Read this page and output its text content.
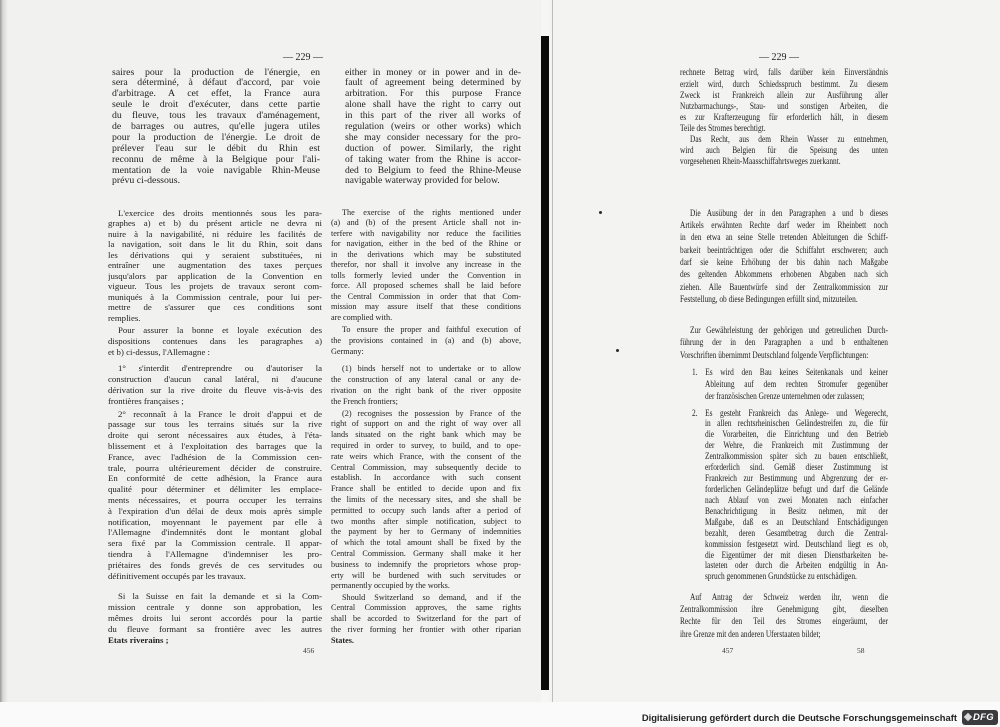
— 229 —	— 229 —
saires pour la production de l'énergie, en
sera déterminé, à défaut d'accord, par voie
d'arbitrage. A cet effet, la France aura
seule le droit d'exécuter, dans cette partie
du fleuve, tous les travaux d'aménagement,
de barrages ou autres, qu'elle jugera utiles
pour la production de l'énergie. Le droit de
prélever l'eau sur le débit du Rhin est
reconnu de même à la Belgique pour l'ali-
mentation de la voie navigable Rhin-Meuse
prévu ci-dessous.
either in money or in power and in de-
fault of agreement being determined by
arbitration. For this purpose France
alone shall have the right to carry out
in this part of the river all works of
regulation (weirs or other works) which
she may consider necessary for the pro-
duction of power. Similarly, the right
of taking water from the Rhine is accor-
ded to Belgium to feed the Rhine-Meuse
navigable waterway provided for below.
L'exercice des droits mentionnés sous les para-
graphes a) et b) du présent article ne devra ni
nuire à la navigabilité, ni réduire les facilités de
la navigation, soit dans le lit du Rhin, soit dans
les dérivations qui y seraient substituées, ni
entraîner une augmentation des taxes perçues
jusqu'alors par application de la Convention en
vigueur. Tous les projets de travaux seront com-
muniqués à la Commission centrale, pour lui per-
mettre de s'assurer que ces conditions sont
remplies.
Pour assurer la bonne et loyale exécution des
dispositions contenues dans les paragraphes a)
et b) ci-dessus, l'Allemagne :
1° s'interdit d'entreprendre ou d'autoriser la
construction d'aucun canal latéral, ni d'aucune
dérivation sur la rive droite du fleuve vis-à-vis des
frontières françaises ;
2° reconnaît à la France le droit d'appui et de
passage sur tous les terrains situés sur la rive
droite qui seront nécessaires aux études, à l'éta-
blissement et à l'exploitation des barrages que la
France, avec l'adhésion de la Commission cen-
trale, pourra ultérieurement décider de construire.
En conformité de cette adhésion, la France aura
qualité pour déterminer et délimiter les emplace-
ments nécessaires, et pourra occuper les terrains
à l'expiration d'un délai de deux mois après simple
notification, moyennant le payement par elle à
l'Allemagne d'indemnités dont le montant global
sera fixé par la Commission centrale. Il appar-
tiendra à l'Allemagne d'indemniser les pro-
priétaires des fonds grevés de ces servitudes ou
définitivement occupés par les travaux.
Si la Suisse en fait la demande et si la Com-
mission centrale y donne son approbation, les
mêmes droits lui seront accordés pour la partie
du fleuve formant sa frontière avec les autres
Etats riverains ;
The exercise of the rights mentioned under
(a) and (b) of the present Article shall not in-
terfere with navigability nor reduce the facilities
for navigation, either in the bed of the Rhine or
in the derivations which may be substituted
therefor, nor shall it involve any increase in the
tolls formerly levied under the Convention in
force. All proposed schemes shall be laid before
the Central Commission in order that that Com-
mission may assure itself that these conditions
are complied with.
To ensure the proper and faithful execution of
the provisions contained in (a) and (b) above,
Germany:
(1) binds herself not to undertake or to allow
the construction of any lateral canal or any de-
rivation on the right bank of the river opposite
the French frontiers;
(2) recognises the possession by France of the
right of support on and the right of way over all
lands situated on the right bank which may be
required in order to survey, to build, and to ope-
rate weirs which France, with the consent of the
Central Commission, may subsequently decide to
establish. In accordance with such consent
France shall be entitled to decide upon and fix
the limits of the necessary sites, and she shall be
permitted to occupy such lands after a period of
two months after simple notification, subject to
the payment by her to Germany of indemnities
of which the total amount shall be fixed by the
Central Commission. Germany shall make it her
business to indemnify the proprietors whose prop-
erty will be burdened with such servitudes or
permanently occupied by the works.
Should Switzerland so demand, and if the
Central Commission approves, the same rights
shall be accorded to Switzerland for the part of
the river forming her frontier with other riparian
States.
rechnete Betrag wird, falls darüber kein Einverständnis
erzielt wird, durch Schiedsspruch bestimmt. Zu diesem
Zweck ist Frankreich allein zur Ausführung aller
Nutzbarmachungs-, Stau- und sonstigen Arbeiten, die
es zur Krafterzeugung für erforderlich hält, in diesem
Teile des Stromes berechtigt.
Das Recht, aus dem Rhein Wasser zu entnehmen,
wird auch Belgien für die Speisung des unten
vorgesehenen Rhein-Maasschiffahrtsweges zuerkannt.
Die Ausübung der in den Paragraphen a und b dieses
Artikels erwähnten Rechte darf weder im Rheinbett noch
in den etwa an seine Stelle tretenden Ableitungen die Schiff-
barkeit beeinträchtigen oder die Schiffahrt erschweren; auch
darf sie keine Erhöhung der bis dahin nach Maßgabe
des geltenden Abkommens erhobenen Abgaben nach sich
ziehen. Alle Bauentwürfe sind der Zentralkommission zur
Feststellung, ob diese Bedingungen erfüllt sind, mitzuteilen.
Zur Gewährleistung der gehörigen und getreulichen Durch-
führung der in den Paragraphen a und b enthaltenen
Vorschriften übernimmt Deutschland folgende Verpflichtungen:
1. Es wird den Bau keines Seitenkanals und keiner
Ableitung auf dem rechten Stromufer gegenüber
der französischen Grenze unternehmen oder zulassen;
2. Es gesteht Frankreich das Anlege- und Wegerecht,
in allen rechtsrheinischen Geländestreifen zu, die für
die Vorarbeiten, die Einrichtung und den Betrieb
der Wehre, die Frankreich mit Zustimmung der
Zentralkommission später sich zu bauen entschließt,
erforderlich sind. Gemäß dieser Zustimmung ist
Frankreich zur Bestimmung und Abgrenzung der er-
forderlichen Geländeplätze befugt und darf die Gelände
nach Ablauf von zwei Monaten nach einfacher
Benachrichtigung in Besitz nehmen, mit der
Maßgabe, daß es an Deutschland Entschädigungen
bezahlt, deren Gesamtbetrag durch die Zentral-
kommission festgesetzt wird. Deutschland liegt es ob,
die Eigentümer der mit diesen Dienstbarkeiten be-
lasteten oder durch die Arbeiten endgültig in An-
spruch genommenen Grundstücke zu entschädigen.
Auf Antrag der Schweiz werden ihr, wenn die
Zentralkommission ihre Genehmigung gibt, dieselben
Rechte für den Teil des Stromes eingeräumt, der
ihre Grenze mit den anderen Uferstaaten bildet;
456	457	58
Digitalisierung gefördert durch die Deutsche Forschungsgemeinschaft DFG
